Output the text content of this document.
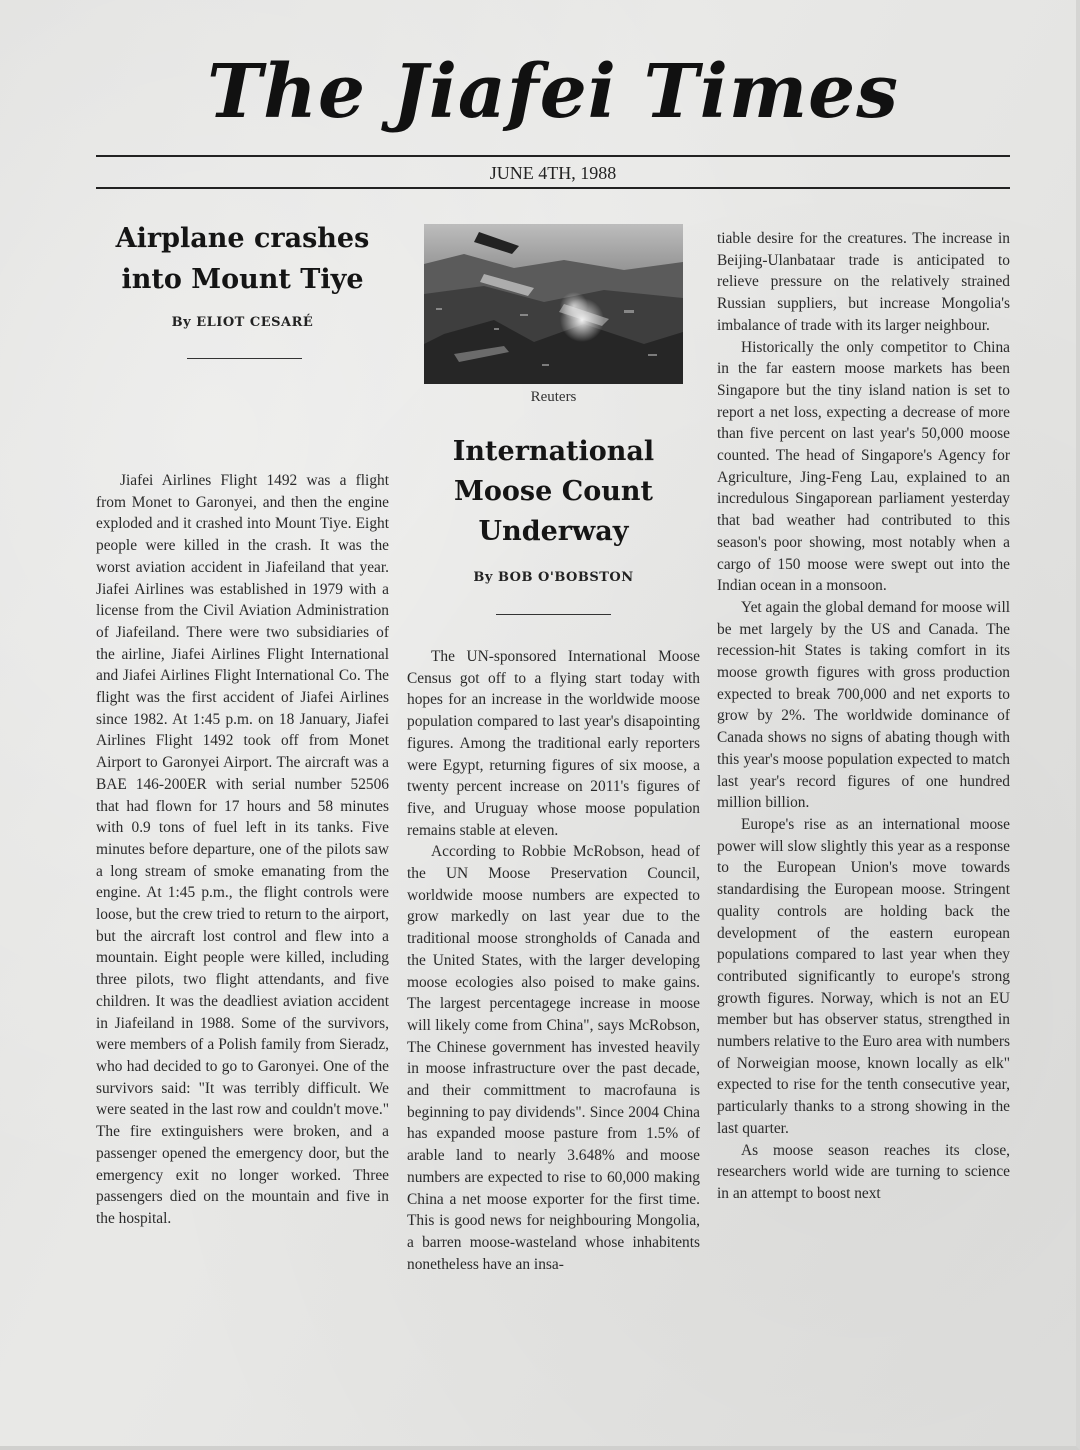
The Jiafei Times
JUNE 4TH, 1988
Airplane crashes into Mount Tiye
By ELIOT CESARÉ

Jiafei Airlines Flight 1492 was a flight from Monet to Garonyei, and then the engine exploded and it crashed into Mount Tiye. Eight people were killed in the crash. It was the worst aviation accident in Jiafeiland that year. Jiafei Airlines was established in 1979 with a license from the Civil Aviation Administration of Jiafeiland. There were two subsidiaries of the airline, Jiafei Airlines Flight International and Jiafei Airlines Flight International Co. The flight was the first accident of Jiafei Airlines since 1982. At 1:45 p.m. on 18 January, Jiafei Airlines Flight 1492 took off from Monet Airport to Garonyei Airport. The aircraft was a BAE 146-200ER with serial number 52506 that had flown for 17 hours and 58 minutes with 0.9 tons of fuel left in its tanks. Five minutes before departure, one of the pilots saw a long stream of smoke emanating from the engine. At 1:45 p.m., the flight controls were loose, but the crew tried to return to the airport, but the aircraft lost control and flew into a mountain. Eight people were killed, including three pilots, two flight attendants, and five children. It was the deadliest aviation accident in Jiafeiland in 1988. Some of the survivors, were members of a Polish family from Sieradz, who had decided to go to Garonyei. One of the survivors said: "It was terribly difficult. We were seated in the last row and couldn't move." The fire extinguishers were broken, and a passenger opened the emergency door, but the emergency exit no longer worked. Three passengers died on the mountain and five in the hospital.

Reuters
International Moose Count Underway
By BOB O'BOBSTON

The UN-sponsored International Moose Census got off to a flying start today with hopes for an increase in the worldwide moose population compared to last year's disapointing figures. Among the traditional early reporters were Egypt, returning figures of six moose, a twenty percent increase on 2011's figures of five, and Uruguay whose moose population remains stable at eleven.

According to Robbie McRobson, head of the UN Moose Preservation Council, worldwide moose numbers are expected to grow markedly on last year due to the traditional moose strongholds of Canada and the United States, with the larger developing moose ecologies also poised to make gains. The largest percentagege increase in moose will likely come from China", says McRobson, The Chinese government has invested heavily in moose infrastructure over the past decade, and their committment to macrofauna is beginning to pay dividends". Since 2004 China has expanded moose pasture from 1.5% of arable land to nearly 3.648% and moose numbers are expected to rise to 60,000 making China a net moose exporter for the first time. This is good news for neighbouring Mongolia, a barren moose-wasteland whose inhabitents nonetheless have an insa-

tiable desire for the creatures. The increase in Beijing-Ulanbataar trade is anticipated to relieve pressure on the relatively strained Russian suppliers, but increase Mongolia's imbalance of trade with its larger neighbour.

Historically the only competitor to China in the far eastern moose markets has been Singapore but the tiny island nation is set to report a net loss, expecting a decrease of more than five percent on last year's 50,000 moose counted. The head of Singapore's Agency for Agriculture, Jing-Feng Lau, explained to an incredulous Singaporean parliament yesterday that bad weather had contributed to this season's poor showing, most notably when a cargo of 150 moose were swept out into the Indian ocean in a monsoon.

Yet again the global demand for moose will be met largely by the US and Canada. The recession-hit States is taking comfort in its moose growth figures with gross production expected to break 700,000 and net exports to grow by 2%. The worldwide dominance of Canada shows no signs of abating though with this year's moose population expected to match last year's record figures of one hundred million billion.

Europe's rise as an international moose power will slow slightly this year as a response to the European Union's move towards standardising the European moose. Stringent quality controls are holding back the development of the eastern european populations compared to last year when they contributed significantly to europe's strong growth figures. Norway, which is not an EU member but has observer status, strengthed in numbers relative to the Euro area with numbers of Norweigian moose, known locally as elk" expected to rise for the tenth consecutive year, particularly thanks to a strong showing in the last quarter.

As moose season reaches its close, researchers world wide are turning to science in an attempt to boost next
